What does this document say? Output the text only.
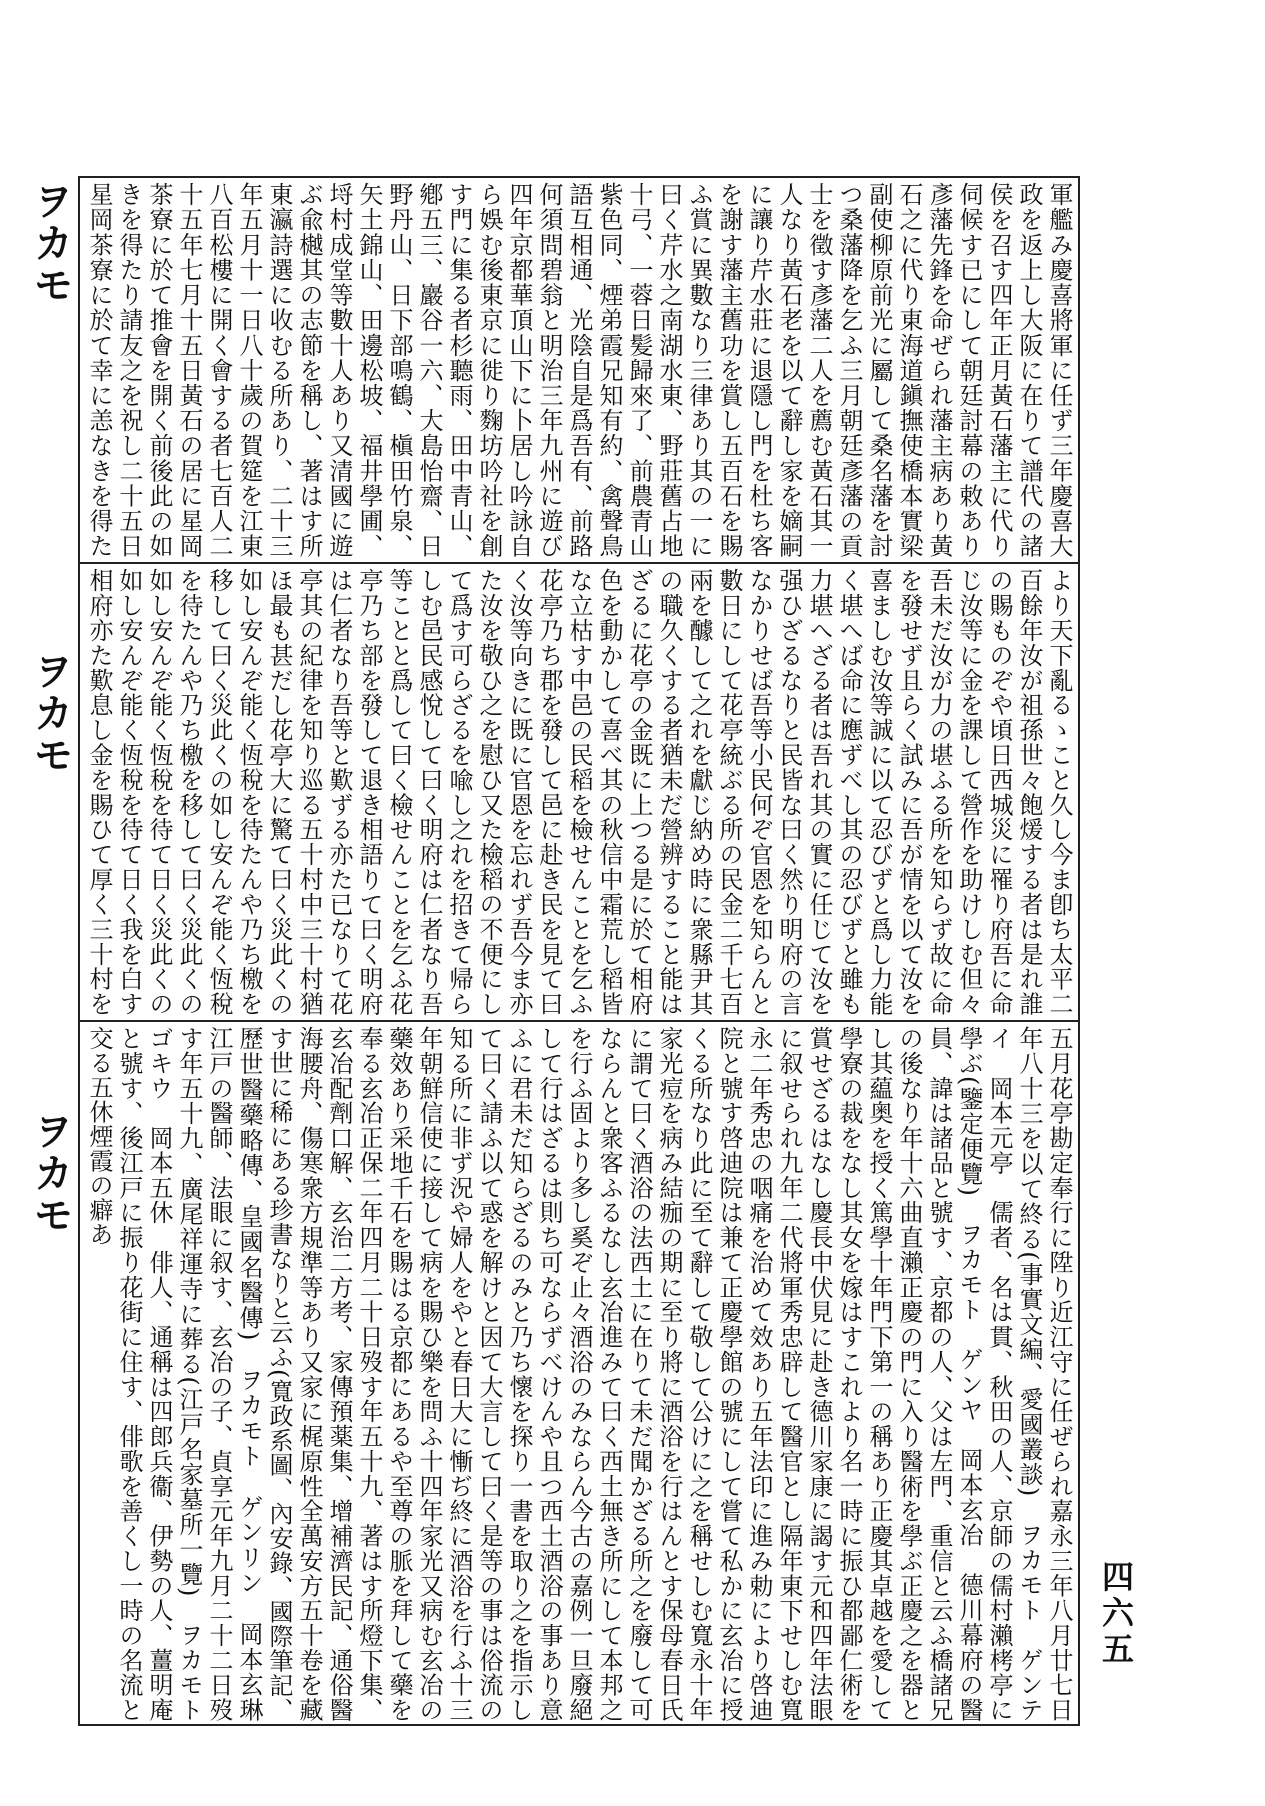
ヲカモ
ヲカモ
ヲカモ
四六五
軍艦み慶喜將軍に任ず三年慶喜大政を返上し大阪に在りて譜代の諸侯を召す四年正月黃石藩主に代り伺候す已にして朝廷討幕の敕あり彥藩先鋒を命ぜられ藩主病あり黃石之に代り東海道鎭撫使橋本實梁副使柳原前光に屬して桑名藩を討つ桑藩降を乞ふ三月朝廷彥藩の貢士を徵す彥藩二人を薦む黃石其一人なり黃石老を以て辭し家を嫡嗣に讓り芹水莊に退隱し門を杜ち客を謝す藩主舊功を賞し五百石を賜ふ賞に異數なり三律あり其の一に曰く芹水之南湖水東、野莊舊占地十弓、一蓉日髪歸來了、前農青山紫色同、煙弟霞兄知有約、禽聲鳥語互相通、光陰自是爲吾有、前路何須問碧翁と明治三年九州に遊び四年京都華頂山下に卜居し吟詠自ら娛む後東京に徙り麴坊吟社を創す門に集る者杉聽雨、田中青山、鄕五三、巖谷一六、大島怡齋、日野丹山、日下部鳴鶴、槇田竹泉、矢土錦山、田邊松坡、福井學圃、埒村成堂等數十人あり又清國に遊ぶ兪樾其の志節を稱し、著はす所東瀛詩選に收むる所あり、二十三年五月十一日八十歲の賀筵を江東八百松樓に開く會する者七百人二十五年七月十五日黃石の居に星岡茶寮に於て推會を開く前後此の如きを得たり請友之を祝し二十五日星岡茶寮に於て幸に恙なきを得た　　　　
より天下亂るゝこと久し今ま卽ち太平二百餘年汝が祖孫世々飽煖する者は是れ誰の賜ものぞや頃日西城災に罹り府吾に命じ汝等に金を課して營作を助けしむ但々吾未だ汝が力の堪ふる所を知らず故に命を發せず且らく試みに吾が情を以て汝を喜ましむ汝等誠に以て忍びずと爲し力能く堪へば命に應ずべし其の忍びずと雖も力堪へざる者は吾れ其の實に任じて汝を强ひざるなりと民皆な曰く然り明府の言なかりせば吾等小民何ぞ官恩を知らんと數日にして花亭統ぶる所の民金二千七百兩を醵して之れを獻じ納め時に衆縣尹其の職久くする者猶未だ營辨すること能はざるに花亭の金既に上つる是に於て相府色を動かして喜べ其の秋信中霜荒し稻皆な立枯す中邑の民稻を檢せんことを乞ふ花亭乃ち郡を發して邑に赴き民を見て曰く汝等向きに既に官恩を忘れず吾今ま亦た汝を敬ひ之を慰ひ又た檢稻の不便にして爲す可らざるを喩し之れを招きて帰らしむ邑民感悅して曰く明府は仁者なり吾等ことと爲して曰く檢せんことを乞ふ花亭乃ち部を發して退き相語りて曰く明府は仁者なり吾等と歎ずる亦た已なりて花亭其の紀律を知り巡る五十村中三十村猶ほ最も甚だし花亭大に驚て曰く災此くの如し安んぞ能く恆稅を待たんや乃ち檄を移して曰く災此くの如し安んぞ能く恆稅を待たんや乃ち檄を移して曰く災此くの如し安んぞ能く恆稅を待て日く災此くの如し安んぞ能く恆稅を待て日く我を白す相府亦た歎息し金を賜ひて厚く三十村を
五月花亭勘定奉行に陞り近江守に任ぜられ嘉永三年八月廿七日年八十三を以て終る(事實文編、愛國叢談)　ヲカモト　ゲンテイ　岡本元亭　儒者、名は貫、秋田の人、京師の儒村瀨栲亭に學ぶ(鑒定便覽)　ヲカモト　ゲンヤ　岡本玄冶　德川幕府の醫員、諱は諸品と號す、京都の人、父は左門、重信と云ふ橋諸兄の後なり年十六曲直瀨正慶の門に入り醫術を學ぶ正慶之を器とし其藴奥を授く篤學十年門下第一の稱あり正慶其卓越を愛して學寮の裁をなし其女を嫁はすこれより名一時に振ひ都鄙仁術を賞せざるはなし慶長中伏見に赴き德川家康に謁す元和四年法眼に叙せられ九年二代將軍秀忠辟して醫官とし隔年東下せしむ寬永二年秀忠の咽痛を治めて效あり五年法印に進み勅により啓迪院と號す啓迪院は兼て正慶學館の號にして嘗て私かに玄冶に授くる所なり此に至て辭して敬して公けに之を稱せしむ寬永十年家光痘を病み結痂の期に至り將に酒浴を行はんとす保母春日氏に謂て曰く酒浴の法西土に在りて未だ聞かざる所之を廢して可ならんと衆客ふるなし玄冶進みて曰く西土無き所にして本邦之を行ふ固より多し奚ぞ止々酒浴のみならん今古の嘉例一旦廢絕して行はざるは則ち可ならずべけんや且つ西土酒浴の事あり意ふに君未だ知らざるのみと乃ち懷を探り一書を取り之を指示して曰く請ふ以て惑を解けと因て大言して曰く是等の事は俗流の知る所に非ず況や婦人をやと春日大に慚ぢ終に酒浴を行ふ十三年朝鮮信使に接して病を賜ひ樂を問ふ十四年家光又病む玄冶の藥效あり采地千石を賜はる京都にあるや至尊の脈を拜して藥を奉る玄冶正保二年四月二十日歿す年五十九、著はす所燈下集、玄冶配劑口解、玄治二方考、家傳預薬集、增補濟民記、通俗醫海腰舟、傷寒衆方規準等あり又家に梶原性全萬安方五十卷を藏す世に稀にある珍書なりと云ふ(寬政系圖、內安錄、國際筆記、歷世醫藥略傳、皇國名醫傳)　ヲカモト　ゲンリン　岡本玄琳　江戸の醫師、法眼に叙す、玄冶の子、貞享元年九月二十二日歿す年五十九、廣尾祥運寺に葬る(江戸名家墓所一覽)　ヲカモト　ゴキウ　岡本五休　俳人、通稱は四郎兵衞、伊勢の人、薑明庵と號す、後江戸に振り花街に住す、俳歌を善くし一時の名流と交る五休煙霞の癖あ
